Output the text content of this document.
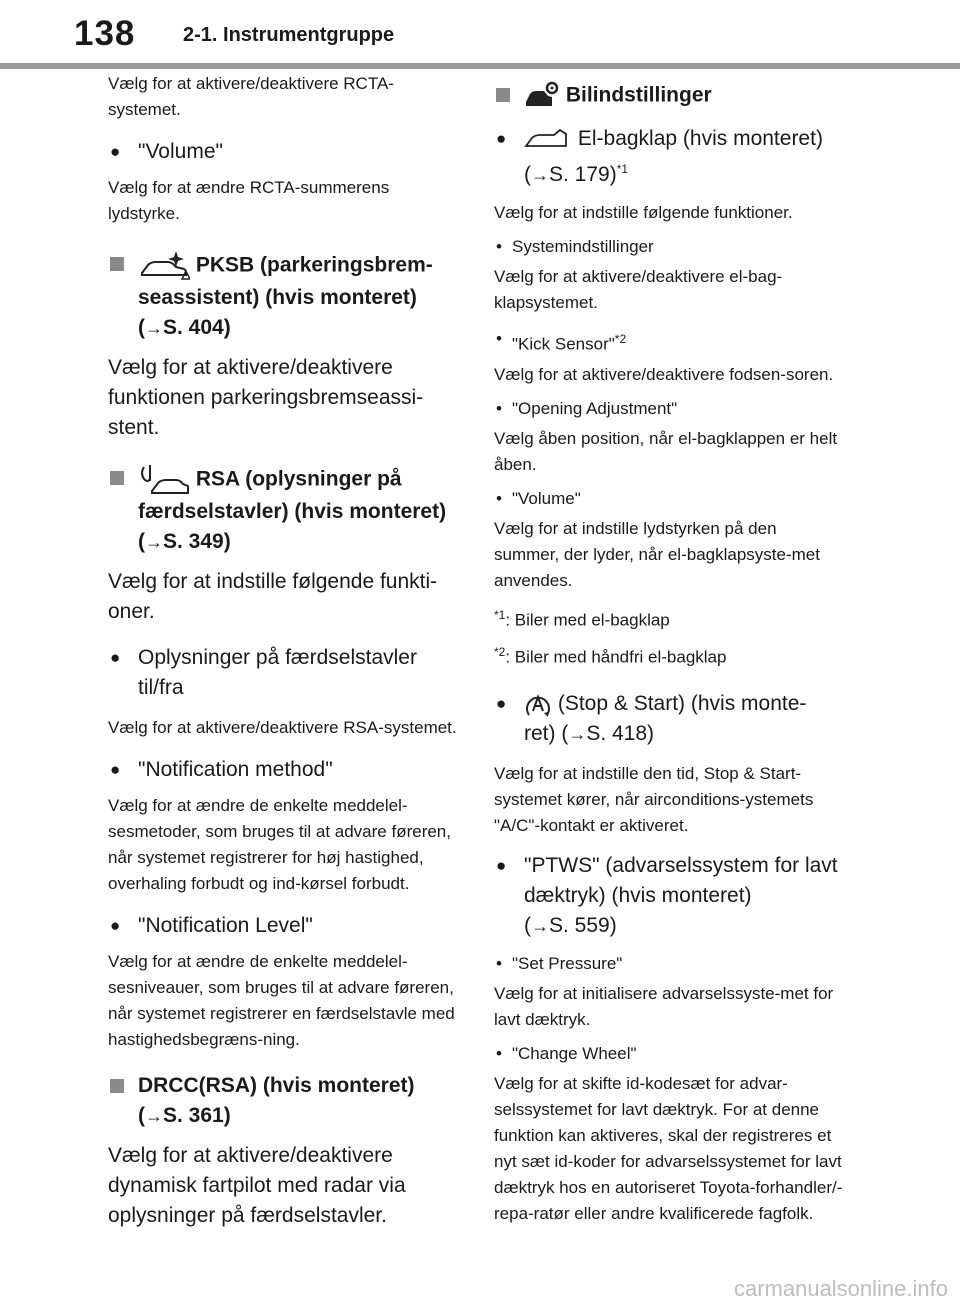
138 2-1. Instrumentgruppe

Vælg for at aktivere/deaktivere RCTA-systemet.

● "Volume"

Vælg for at ændre RCTA-summerens lydstyrke.

PKSB (parkeringsbrem-
seassistent) (hvis monteret)
(→S. 404)

Vælg for at aktivere/deaktivere funktionen parkeringsbremseassi-stent.

RSA (oplysninger på
færdselstavler) (hvis monteret)
(→S. 349)

Vælg for at indstille følgende funkti-oner.

● Oplysninger på færdselstavler til/fra

Vælg for at aktivere/deaktivere RSA-systemet.

● "Notification method"

Vælg for at ændre de enkelte meddelel-sesmetoder, som bruges til at advare føreren, når systemet registrerer for høj hastighed, overhaling forbudt og ind-kørsel forbudt.

● "Notification Level"

Vælg for at ændre de enkelte meddelel-sesniveauer, som bruges til at advare føreren, når systemet registrerer en færdselstavle med hastighedsbegræns-ning.

DRCC(RSA) (hvis monteret)
(→S. 361)

Vælg for at aktivere/deaktivere dynamisk fartpilot med radar via oplysninger på færdselstavler.

Bilindstillinger
● El-bagklap (hvis monteret)
(→S. 179)$^{*1}$

Vælg for at indstille følgende funktioner.

• Systemindstillinger

Vælg for at aktivere/deaktivere el-bag-klapsystemet.

• "Kick Sensor"$^{*2}$

Vælg for at aktivere/deaktivere fodsen-soren.

• "Opening Adjustment"

Vælg åben position, når el-bagklappen er helt åben.

• "Volume"

Vælg for at indstille lydstyrken på den summer, der lyder, når el-bagklapsyste-met anvendes.

$^{*1}$: Biler med el-bagklap

$^{*2}$: Biler med håndfri el-bagklap

● (Stop & Start) (hvis monte-
ret) (→S. 418)

Vælg for at indstille den tid, Stop & Start-systemet kører, når airconditions-ystemets "A/C"-kontakt er aktiveret.

● "PTWS" (advarselssystem for lavt dæktryk) (hvis monteret)
(→S. 559)
• "Set Pressure"

Vælg for at initialisere advarselssyste-met for lavt dæktryk.

• "Change Wheel"

Vælg for at skifte id-kodesæt for advar-selssystemet for lavt dæktryk. For at denne funktion kan aktiveres, skal der registreres et nyt sæt id-koder for advarselssystemet for lavt dæktryk hos en autoriseret Toyota-forhandler/-repa-ratør eller andre kvalificerede fagfolk.

carmanualsonline.info
